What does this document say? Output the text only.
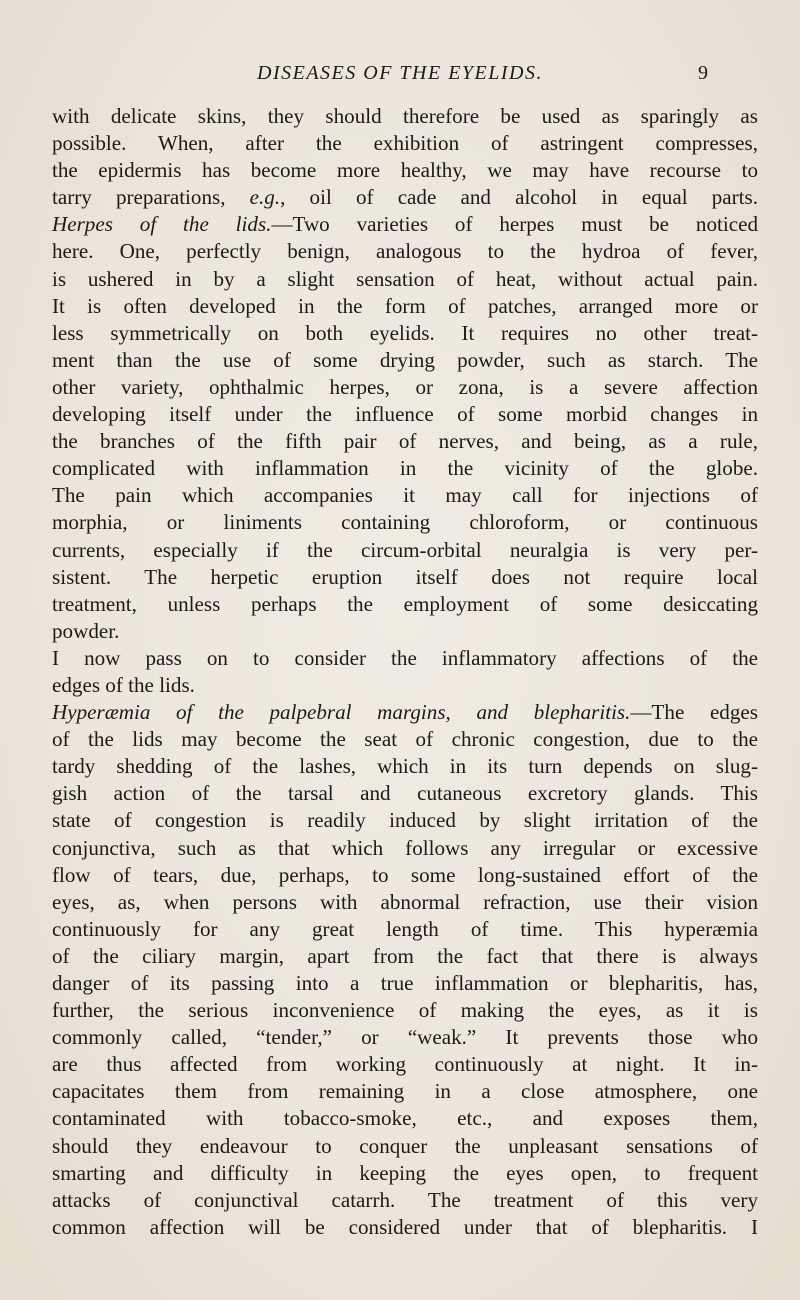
DISEASES OF THE EYELIDS.	9
with delicate skins, they should therefore be used as sparingly as
possible. When, after the exhibition of astringent compresses,
the epidermis has become more healthy, we may have recourse to
tarry preparations, e.g., oil of cade and alcohol in equal parts.
Herpes of the lids.—Two varieties of herpes must be noticed
here. One, perfectly benign, analogous to the hydroa of fever,
is ushered in by a slight sensation of heat, without actual pain.
It is often developed in the form of patches, arranged more or
less symmetrically on both eyelids. It requires no other treat-
ment than the use of some drying powder, such as starch. The
other variety, ophthalmic herpes, or zona, is a severe affection
developing itself under the influence of some morbid changes in
the branches of the fifth pair of nerves, and being, as a rule,
complicated with inflammation in the vicinity of the globe.
The pain which accompanies it may call for injections of
morphia, or liniments containing chloroform, or continuous
currents, especially if the circum-orbital neuralgia is very per-
sistent. The herpetic eruption itself does not require local
treatment, unless perhaps the employment of some desiccating
powder.
I now pass on to consider the inflammatory affections of the
edges of the lids.
Hyperæmia of the palpebral margins, and blepharitis.—The edges
of the lids may become the seat of chronic congestion, due to the
tardy shedding of the lashes, which in its turn depends on slug-
gish action of the tarsal and cutaneous excretory glands. This
state of congestion is readily induced by slight irritation of the
conjunctiva, such as that which follows any irregular or excessive
flow of tears, due, perhaps, to some long-sustained effort of the
eyes, as, when persons with abnormal refraction, use their vision
continuously for any great length of time. This hyperæmia
of the ciliary margin, apart from the fact that there is always
danger of its passing into a true inflammation or blepharitis, has,
further, the serious inconvenience of making the eyes, as it is
commonly called, “tender,” or “weak.” It prevents those who
are thus affected from working continuously at night. It in-
capacitates them from remaining in a close atmosphere, one
contaminated with tobacco-smoke, etc., and exposes them,
should they endeavour to conquer the unpleasant sensations of
smarting and difficulty in keeping the eyes open, to frequent
attacks of conjunctival catarrh. The treatment of this very
common affection will be considered under that of blepharitis. I
